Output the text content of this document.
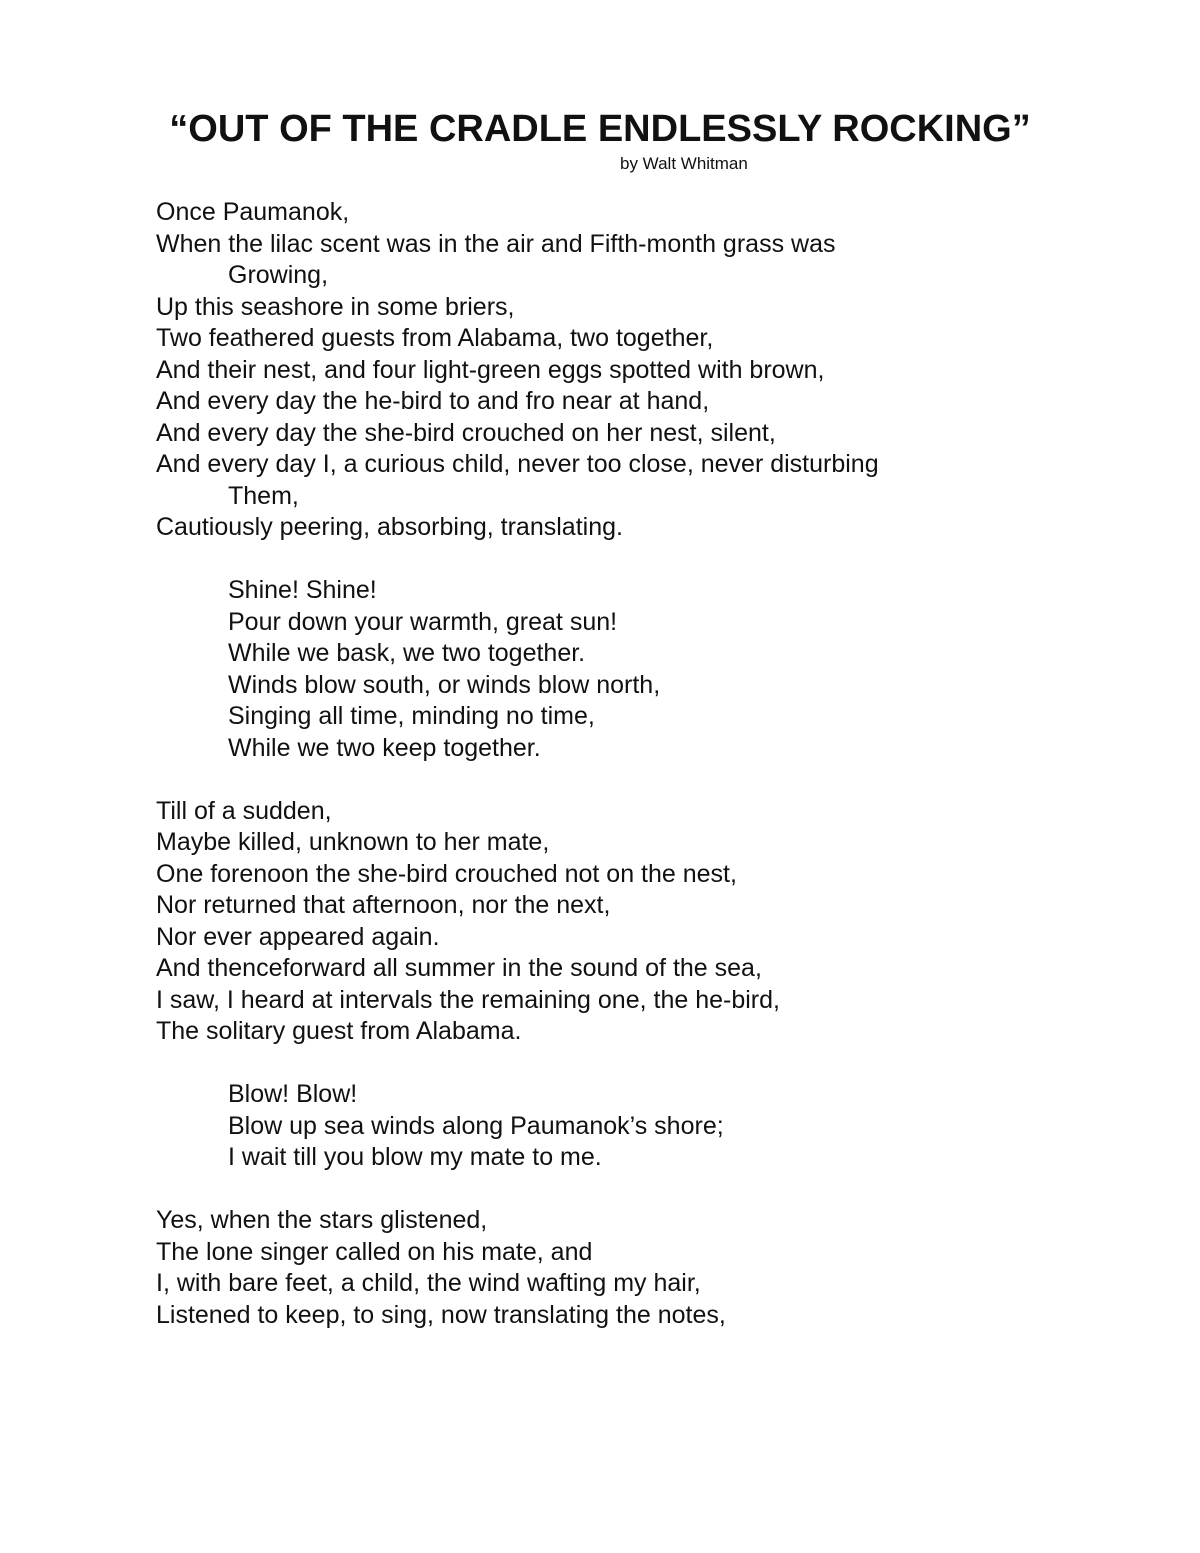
“OUT OF THE CRADLE ENDLESSLY ROCKING”
by Walt Whitman
Once Paumanok,
When the lilac scent was in the air and Fifth-month grass was
Growing,
Up this seashore in some briers,
Two feathered guests from Alabama, two together,
And their nest, and four light-green eggs spotted with brown,
And every day the he-bird to and fro near at hand,
And every day the she-bird crouched on her nest, silent,
And every day I, a curious child, never too close, never disturbing
Them,
Cautiously peering, absorbing, translating.
Shine! Shine!
Pour down your warmth, great sun!
While we bask, we two together.
Winds blow south, or winds blow north,
Singing all time, minding no time,
While we two keep together.
Till of a sudden,
Maybe killed, unknown to her mate,
One forenoon the she-bird crouched not on the nest,
Nor returned that afternoon, nor the next,
Nor ever appeared again.
And thenceforward all summer in the sound of the sea,
I saw, I heard at intervals the remaining one, the he-bird,
The solitary guest from Alabama.
Blow! Blow!
Blow up sea winds along Paumanok’s shore;
I wait till you blow my mate to me.
Yes, when the stars glistened,
The lone singer called on his mate, and
I, with bare feet, a child, the wind wafting my hair,
Listened to keep, to sing, now translating the notes,
